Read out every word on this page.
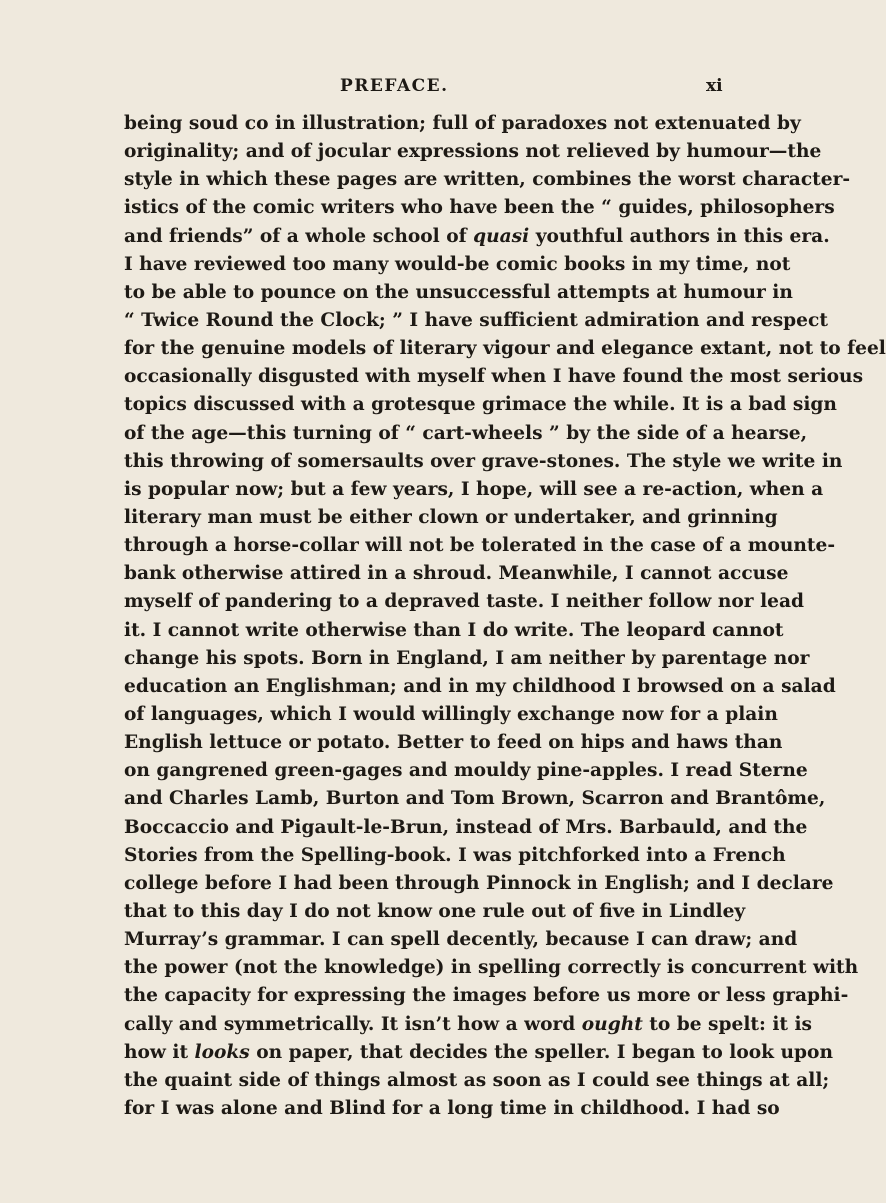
PREFACE.	xi
being soud co in illustration; full of paradoxes not extenuated by
originality; and of jocular expressions not relieved by humour—the
style in which these pages are written, combines the worst character-
istics of the comic writers who have been the “ guides, philosophers
and friends” of a whole school of quasi youthful authors in this era.
I have reviewed too many would-be comic books in my time, not
to be able to pounce on the unsuccessful attempts at humour in
“ Twice Round the Clock; ” I have sufficient admiration and respect
for the genuine models of literary vigour and elegance extant, not to feel
occasionally disgusted with myself when I have found the most serious
topics discussed with a grotesque grimace the while. It is a bad sign
of the age—this turning of “ cart-wheels ” by the side of a hearse,
this throwing of somersaults over grave-stones. The style we write in
is popular now; but a few years, I hope, will see a re-action, when a
literary man must be either clown or undertaker, and grinning
through a horse-collar will not be tolerated in the case of a mounte-
bank otherwise attired in a shroud. Meanwhile, I cannot accuse
myself of pandering to a depraved taste. I neither follow nor lead
it. I cannot write otherwise than I do write. The leopard cannot
change his spots. Born in England, I am neither by parentage nor
education an Englishman; and in my childhood I browsed on a salad
of languages, which I would willingly exchange now for a plain
English lettuce or potato. Better to feed on hips and haws than
on gangrened green-gages and mouldy pine-apples. I read Sterne
and Charles Lamb, Burton and Tom Brown, Scarron and Brantôme,
Boccaccio and Pigault-le-Brun, instead of Mrs. Barbauld, and the
Stories from the Spelling-book. I was pitchforked into a French
college before I had been through Pinnock in English; and I declare
that to this day I do not know one rule out of five in Lindley
Murray’s grammar. I can spell decently, because I can draw; and
the power (not the knowledge) in spelling correctly is concurrent with
the capacity for expressing the images before us more or less graphi-
cally and symmetrically. It isn’t how a word ought to be spelt: it is
how it looks on paper, that decides the speller. I began to look upon
the quaint side of things almost as soon as I could see things at all;
for I was alone and Blind for a long time in childhood. I had so
